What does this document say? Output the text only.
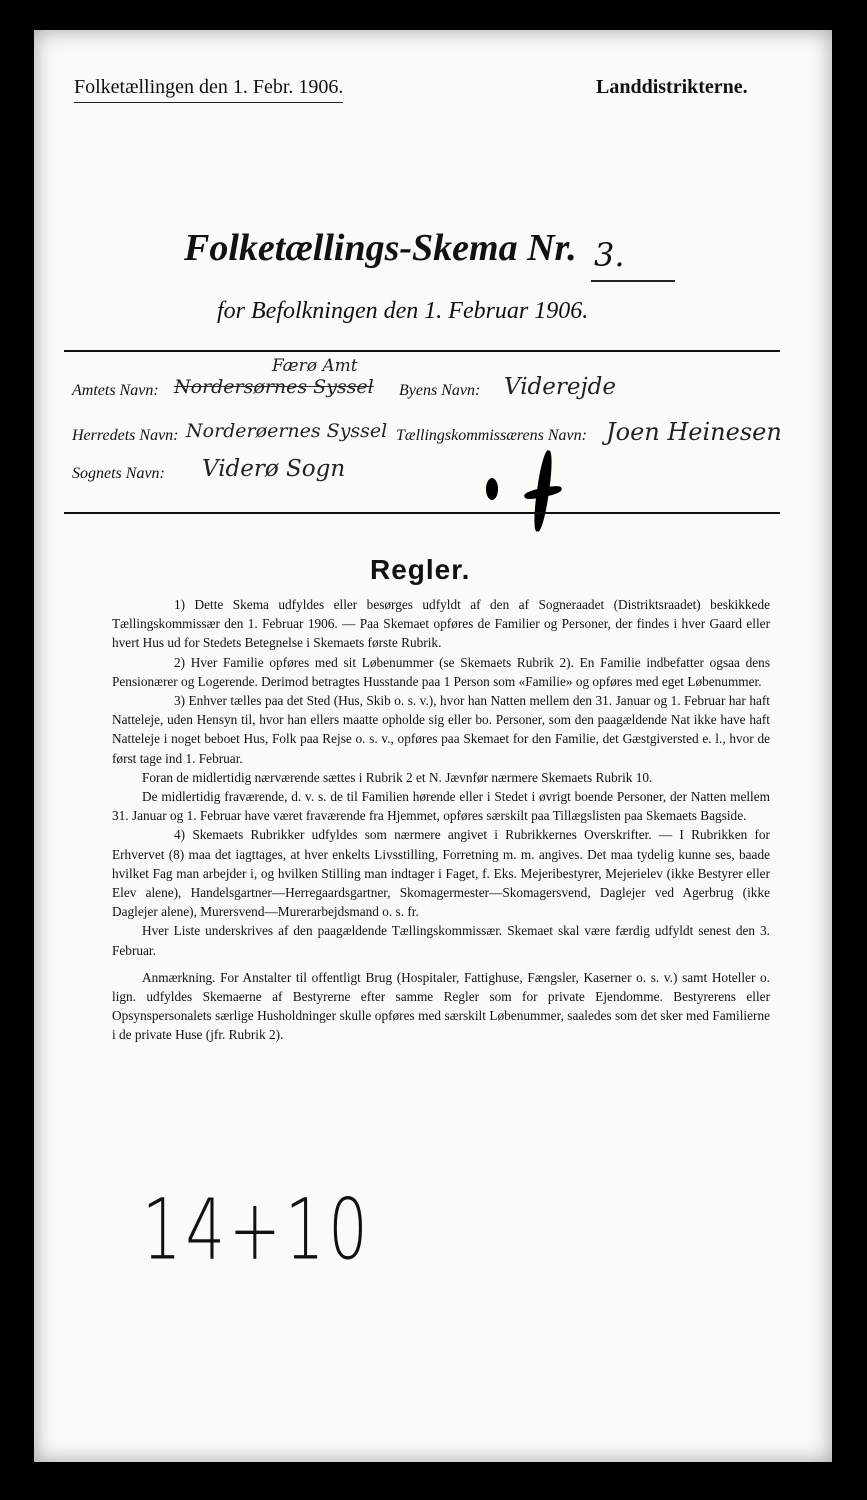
Folketællingen den 1. Febr. 1906.	Landdistrikterne.
Folketællings-Skema Nr. 3.
for Befolkningen den 1. Februar 1906.
Amtets Navn:
Færø Amt
Nordersørnes Syssel Byens Navn: Viderejde
Herredets Navn: Norderøernes Syssel Tællingskommissærens Navn: Joen Heinesen
Sognets Navn: Viderø Sogn
Regler.

1) Dette Skema udfyldes eller besørges udfyldt af den af Sogneraadet (Distriktsraadet) beskikkede Tællingskommissær den 1. Februar 1906. — Paa Skemaet opføres de Familier og Personer, der findes i hver Gaard eller hvert Hus ud for Stedets Betegnelse i Skemaets første Rubrik.

2) Hver Familie opføres med sit Løbenummer (se Skemaets Rubrik 2). En Familie indbefatter ogsaa dens Pensionærer og Logerende. Derimod betragtes Husstande paa 1 Person som «Familie» og opføres med eget Løbenummer.

3) Enhver tælles paa det Sted (Hus, Skib o. s. v.), hvor han Natten mellem den 31. Januar og 1. Februar har haft Natteleje, uden Hensyn til, hvor han ellers maatte opholde sig eller bo. Personer, som den paagældende Nat ikke have haft Natteleje i noget beboet Hus, Folk paa Rejse o. s. v., opføres paa Skemaet for den Familie, det Gæstgiversted e. l., hvor de først tage ind 1. Februar.

Foran de midlertidig nærværende sættes i Rubrik 2 et N. Jævnfør nærmere Skemaets Rubrik 10.

De midlertidig fraværende, d. v. s. de til Familien hørende eller i Stedet i øvrigt boende Personer, der Natten mellem 31. Januar og 1. Februar have været fraværende fra Hjemmet, opføres særskilt paa Tillægslisten paa Skemaets Bagside.

4) Skemaets Rubrikker udfyldes som nærmere angivet i Rubrikkernes Overskrifter. — I Rubrikken for Erhvervet (8) maa det iagttages, at hver enkelts Livsstilling, Forretning m. m. angives. Det maa tydelig kunne ses, baade hvilket Fag man arbejder i, og hvilken Stilling man indtager i Faget, f. Eks. Mejeribestyrer, Mejerielev (ikke Bestyrer eller Elev alene), Handelsgartner—Herregaardsgartner, Skomagermester—Skomagersvend, Daglejer ved Agerbrug (ikke Daglejer alene), Murersvend—Murerarbejdsmand o. s. fr.

Hver Liste underskrives af den paagældende Tællingskommissær. Skemaet skal være færdig udfyldt senest den 3. Februar.

Anmærkning. For Anstalter til offentligt Brug (Hospitaler, Fattighuse, Fængsler, Kaserner o. s. v.) samt Hoteller o. lign. udfyldes Skemaerne af Bestyrerne efter samme Regler som for private Ejendomme. Bestyrerens eller Opsynspersonalets særlige Husholdninger skulle opføres med særskilt Løbenummer, saaledes som det sker med Familierne i de private Huse (jfr. Rubrik 2).

14+10
